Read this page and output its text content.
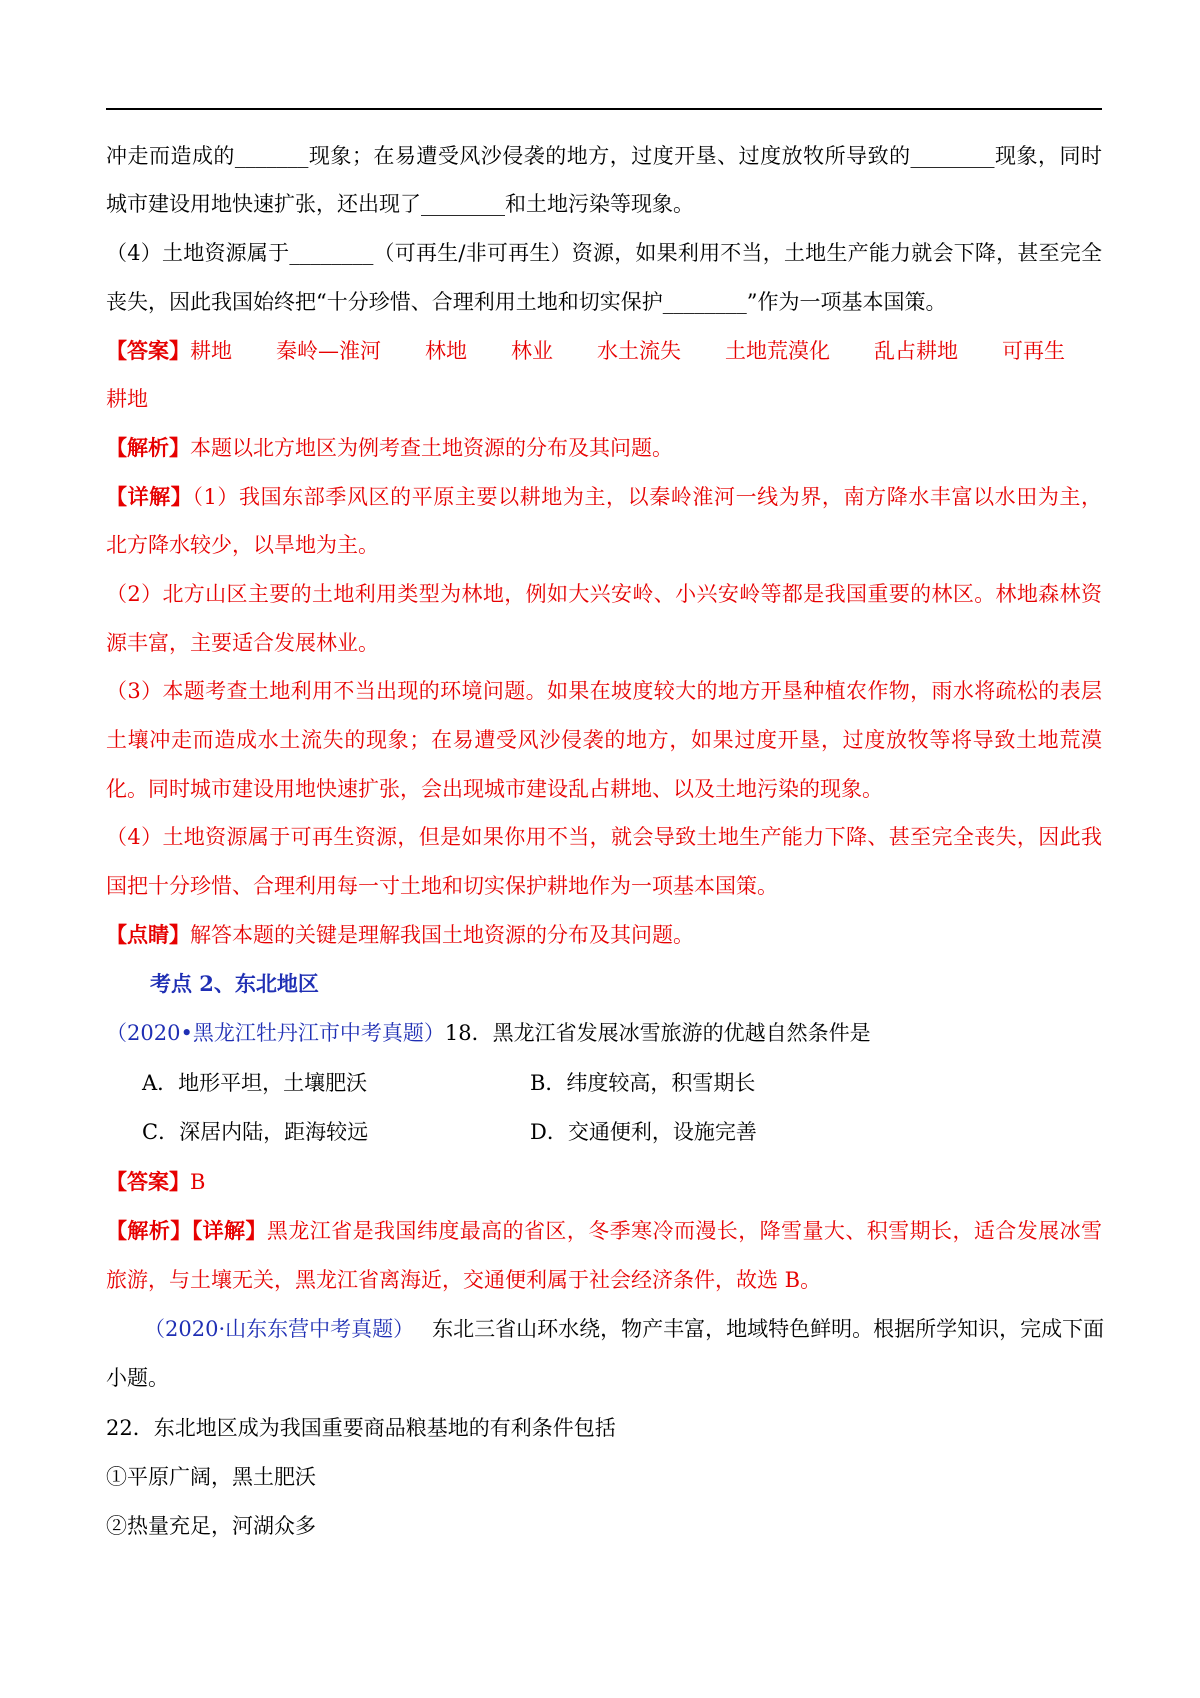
冲走而造成的_______现象；在易遭受风沙侵袭的地方，过度开垦、过度放牧所导致的________现象，同时
城市建设用地快速扩张，还出现了________和土地污染等现象。
（4）土地资源属于________（可再生/非可再生）资源，如果利用不当，土地生产能力就会下降，甚至完全
丧失，因此我国始终把“十分珍惜、合理利用土地和切实保护________”作为一项基本国策。
【答案】耕地 秦岭—淮河 林地 林业 水土流失 土地荒漠化 乱占耕地 可再生
耕地
【解析】本题以北方地区为例考查土地资源的分布及其问题。
【详解】（1）我国东部季风区的平原主要以耕地为主，以秦岭淮河一线为界，南方降水丰富以水田为主，
北方降水较少，以旱地为主。
（2）北方山区主要的土地利用类型为林地，例如大兴安岭、小兴安岭等都是我国重要的林区。林地森林资
源丰富，主要适合发展林业。
（3）本题考查土地利用不当出现的环境问题。如果在坡度较大的地方开垦种植农作物，雨水将疏松的表层
土壤冲走而造成水土流失的现象；在易遭受风沙侵袭的地方，如果过度开垦，过度放牧等将导致土地荒漠
化。同时城市建设用地快速扩张，会出现城市建设乱占耕地、以及土地污染的现象。
（4）土地资源属于可再生资源，但是如果你用不当，就会导致土地生产能力下降、甚至完全丧失，因此我
国把十分珍惜、合理利用每一寸土地和切实保护耕地作为一项基本国策。
【点睛】解答本题的关键是理解我国土地资源的分布及其问题。
考点 2、东北地区
（2020•黑龙江牡丹江市中考真题）18．黑龙江省发展冰雪旅游的优越自然条件是
A．地形平坦，土壤肥沃	B．纬度较高，积雪期长
C．深居内陆，距海较远	D．交通便利，设施完善
【答案】B
【解析】【详解】黑龙江省是我国纬度最高的省区，冬季寒冷而漫长，降雪量大、积雪期长，适合发展冰雪
旅游，与土壤无关，黑龙江省离海近，交通便利属于社会经济条件，故选 B。
（2020·山东东营中考真题） 东北三省山环水绕，物产丰富，地域特色鲜明。根据所学知识，完成下面
小题。
22．东北地区成为我国重要商品粮基地的有利条件包括
①平原广阔，黑土肥沃
②热量充足，河湖众多
